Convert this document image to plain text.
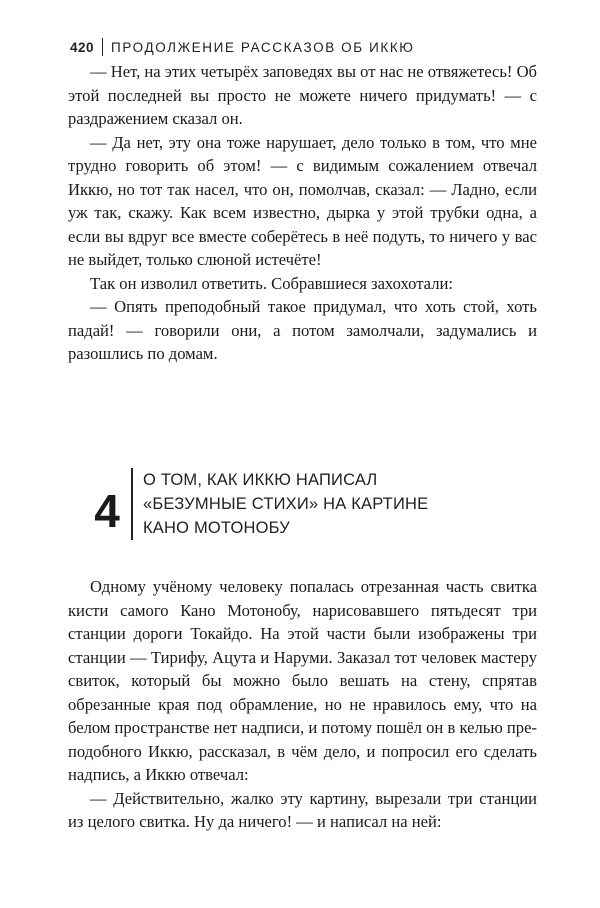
420 ПРОДОЛЖЕНИЕ РАССКАЗОВ ОБ ИККЮ

— Нет, на этих четырёх заповедях вы от нас не отвяжетесь! Об этой последней вы просто не можете ничего придумать! — с раздражением сказал он.

— Да нет, эту она тоже нарушает, дело только в том, что мне трудно говорить об этом! — с видимым сожалением отвечал Иккю, но тот так насел, что он, помолчав, сказал: — Ладно, если уж так, скажу. Как всем известно, дырка у этой трубки одна, а если вы вдруг все вместе соберётесь в неё подуть, то ничего у вас не выйдет, только слюной истечёте!

Так он изволил ответить. Собравшиеся захохотали:

— Опять преподобный такое придумал, что хоть стой, хоть падай! — говорили они, а потом замолчали, задумались и разошлись по домам.

4
О ТОМ, КАК ИККЮ НАПИСАЛ
«БЕЗУМНЫЕ СТИХИ» НА КАРТИНЕ
КАНО МОТОНОБУ

Одному учёному человеку попалась отрезанная часть свитка кисти самого Кано Мотонобу, нарисовавшего пятьдесят три станции дороги Токайдо. На этой части были изображены три станции — Тирифу, Ацута и Наруми. Заказал тот человек мастеру свиток, который бы можно было вешать на стену, спрятав обрезанные края под обрамление, но не нравилось ему, что на белом пространстве нет надписи, и потому пошёл он в келью преподобного Иккю, рассказал, в чём дело, и попросил его сделать надпись, а Иккю отвечал:

— Действительно, жалко эту картину, вырезали три станции из целого свитка. Ну да ничего! — и написал на ней:
